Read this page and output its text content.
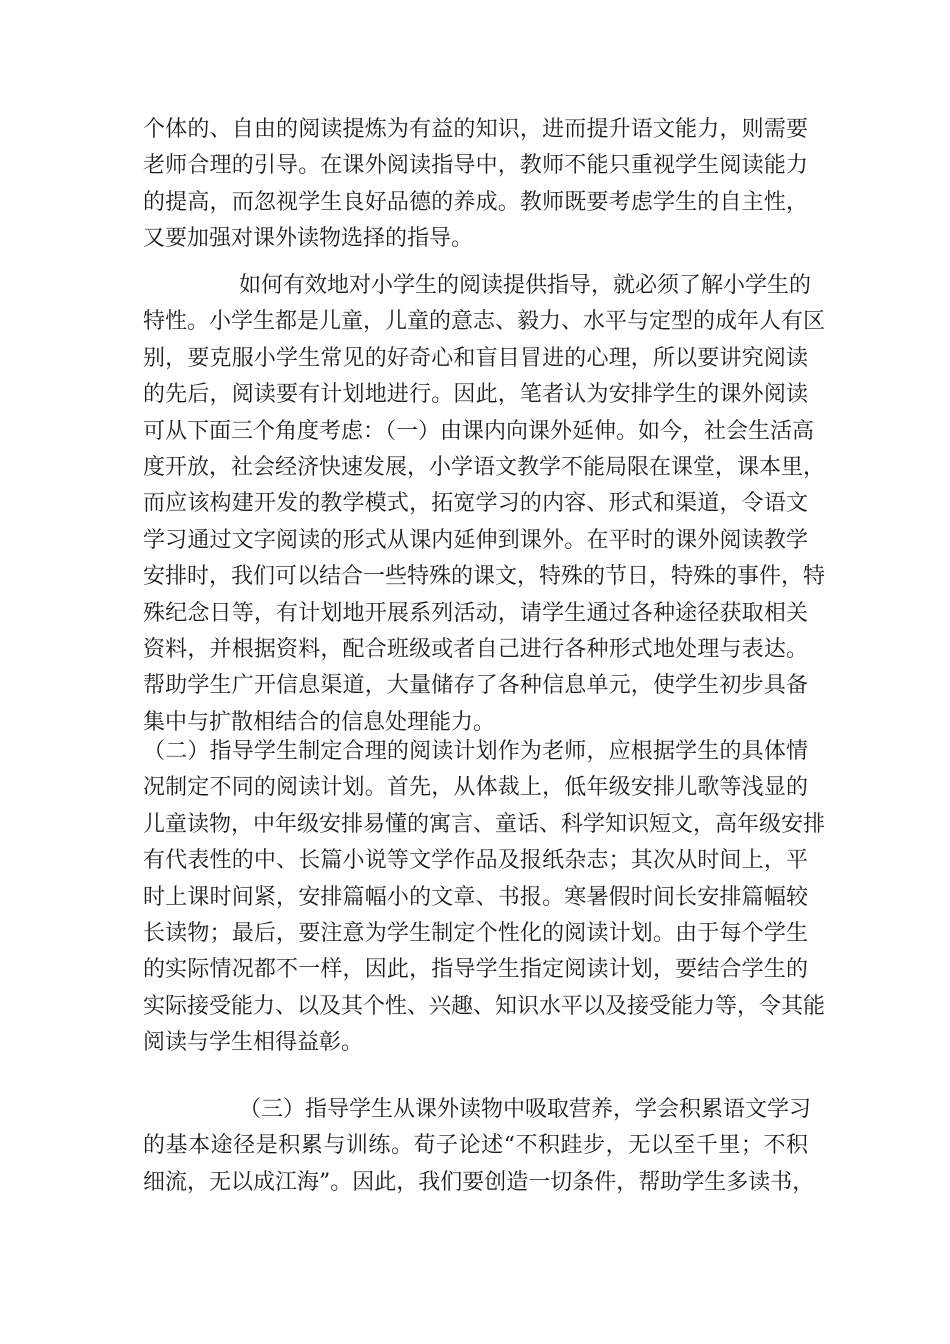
个体的、自由的阅读提炼为有益的知识，进而提升语文能力，则需要
老师合理的引导。在课外阅读指导中，教师不能只重视学生阅读能力
的提高，而忽视学生良好品德的养成。教师既要考虑学生的自主性，
又要加强对课外读物选择的指导。
如何有效地对小学生的阅读提供指导，就必须了解小学生的
特性。小学生都是儿童，儿童的意志、毅力、水平与定型的成年人有区
别，要克服小学生常见的好奇心和盲目冒进的心理，所以要讲究阅读
的先后，阅读要有计划地进行。因此，笔者认为安排学生的课外阅读
可从下面三个角度考虑：（一）由课内向课外延伸。如今，社会生活高
度开放，社会经济快速发展，小学语文教学不能局限在课堂，课本里，
而应该构建开发的教学模式，拓宽学习的内容、形式和渠道，令语文
学习通过文字阅读的形式从课内延伸到课外。在平时的课外阅读教学
安排时，我们可以结合一些特殊的课文，特殊的节日，特殊的事件，特
殊纪念日等，有计划地开展系列活动，请学生通过各种途径获取相关
资料，并根据资料，配合班级或者自己进行各种形式地处理与表达。
帮助学生广开信息渠道，大量储存了各种信息单元，使学生初步具备
集中与扩散相结合的信息处理能力。
（二）指导学生制定合理的阅读计划作为老师，应根据学生的具体情
况制定不同的阅读计划。首先，从体裁上，低年级安排儿歌等浅显的
儿童读物，中年级安排易懂的寓言、童话、科学知识短文，高年级安排
有代表性的中、长篇小说等文学作品及报纸杂志；其次从时间上，平
时上课时间紧，安排篇幅小的文章、书报。寒暑假时间长安排篇幅较
长读物；最后，要注意为学生制定个性化的阅读计划。由于每个学生
的实际情况都不一样，因此，指导学生指定阅读计划，要结合学生的
实际接受能力、以及其个性、兴趣、知识水平以及接受能力等，令其能
阅读与学生相得益彰。
（三）指导学生从课外读物中吸取营养，学会积累语文学习
的基本途径是积累与训练。荀子论述“不积跬步，无以至千里；不积
细流，无以成江海”。因此，我们要创造一切条件，帮助学生多读书，
